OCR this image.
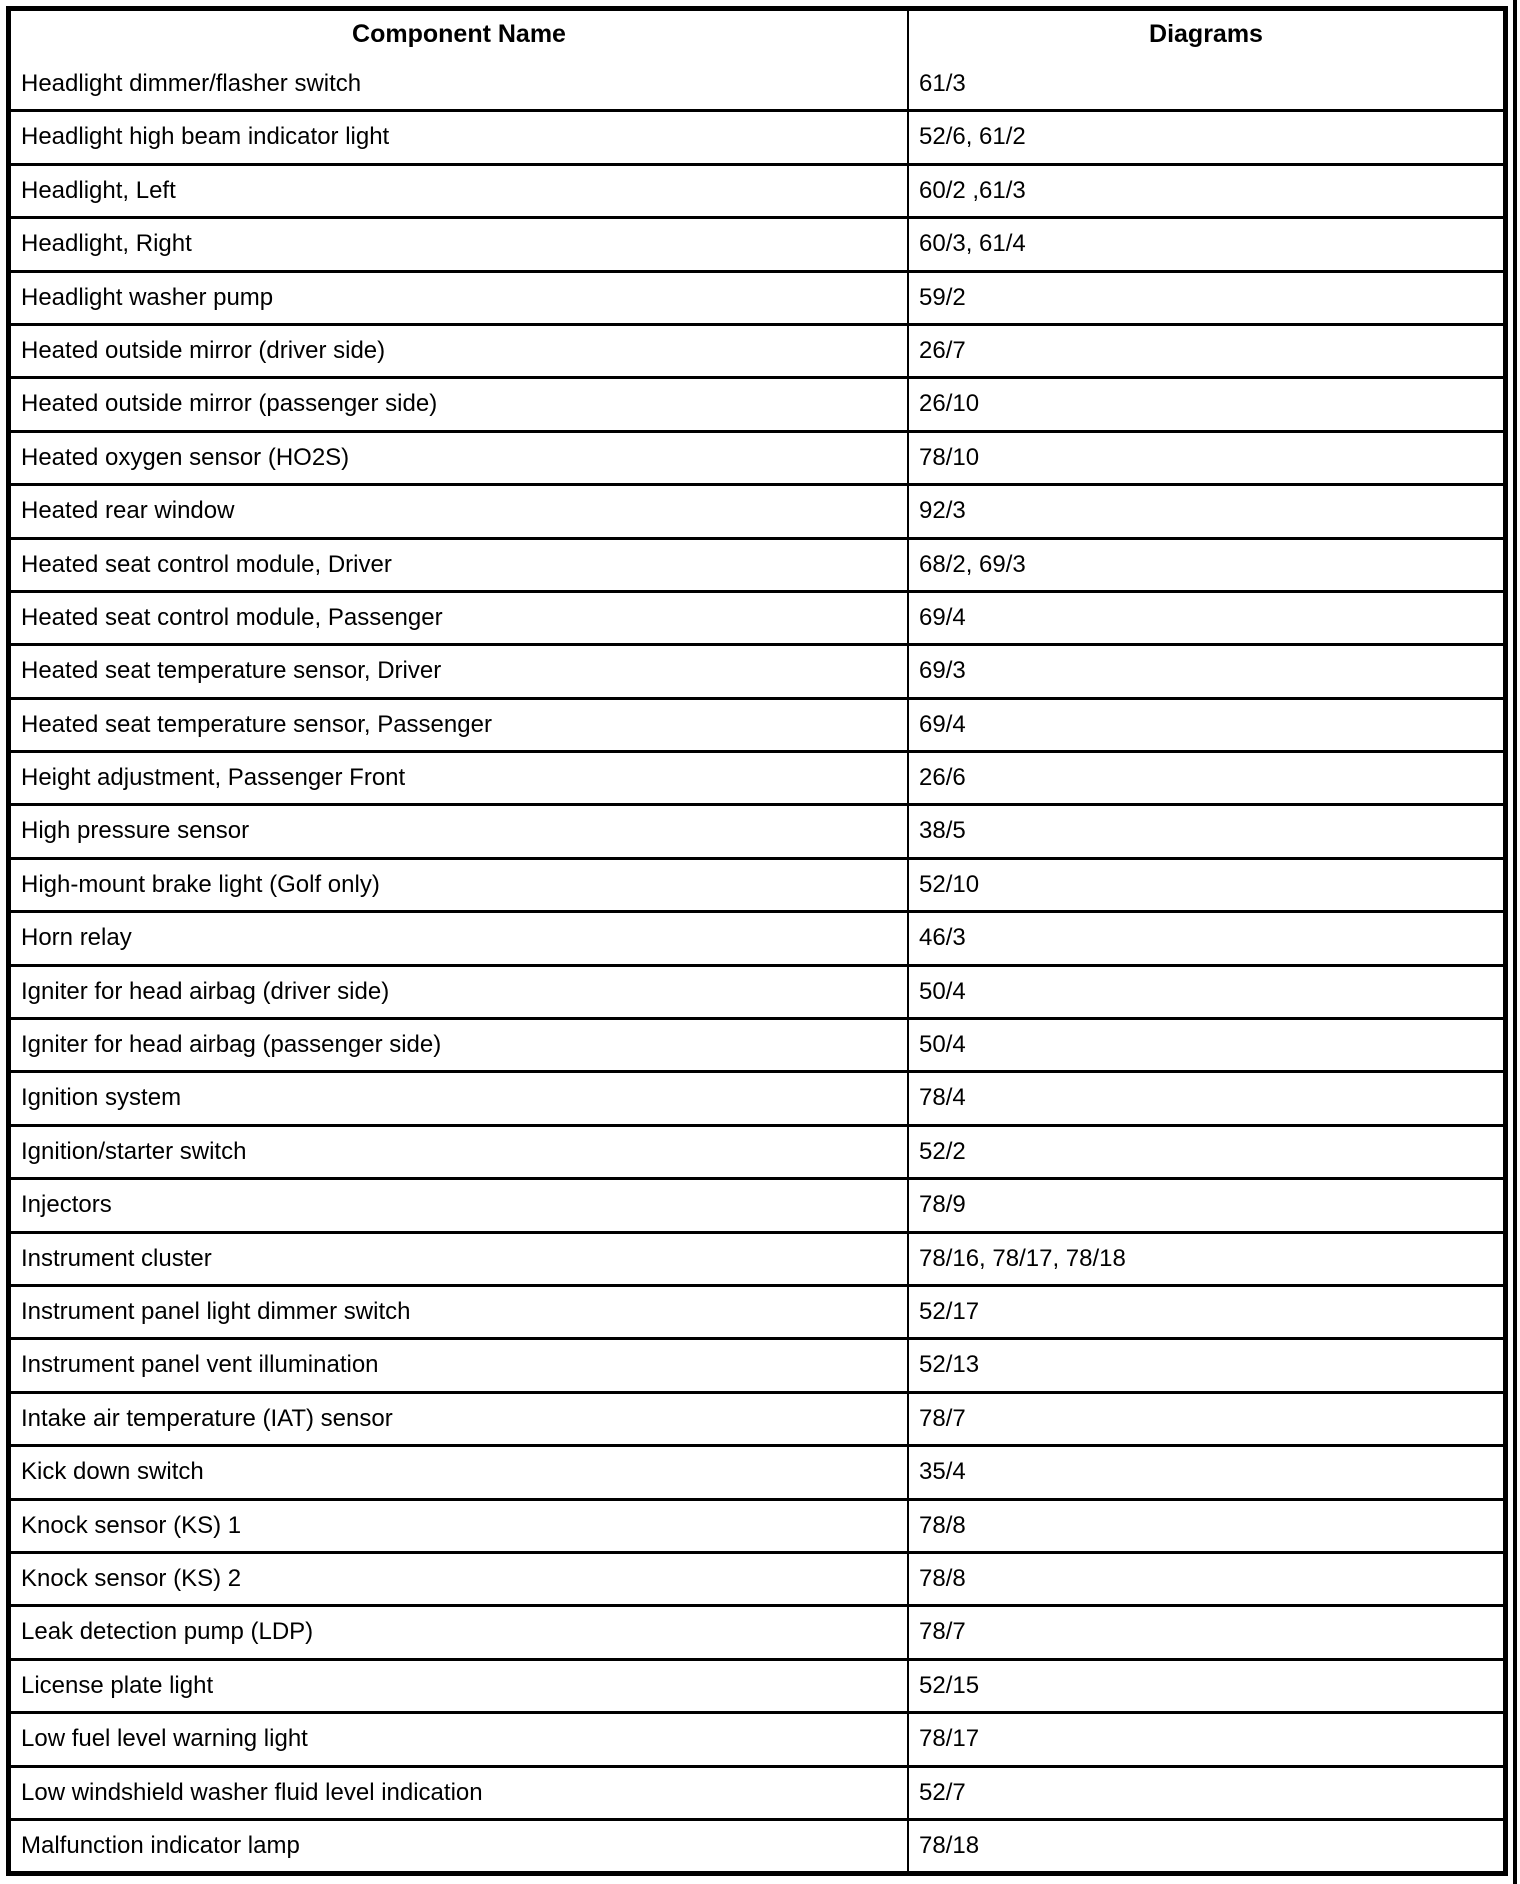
Component Name	Diagrams
Headlight dimmer/flasher switch	61/3
Headlight high beam indicator light	52/6, 61/2
Headlight, Left	60/2 ,61/3
Headlight, Right	60/3, 61/4
Headlight washer pump	59/2
Heated outside mirror (driver side)	26/7
Heated outside mirror (passenger side)	26/10
Heated oxygen sensor (HO2S)	78/10
Heated rear window	92/3
Heated seat control module, Driver	68/2, 69/3
Heated seat control module, Passenger	69/4
Heated seat temperature sensor, Driver	69/3
Heated seat temperature sensor, Passenger	69/4
Height adjustment, Passenger Front	26/6
High pressure sensor	38/5
High-mount brake light (Golf only)	52/10
Horn relay	46/3
Igniter for head airbag (driver side)	50/4
Igniter for head airbag (passenger side)	50/4
Ignition system	78/4
Ignition/starter switch	52/2
Injectors	78/9
Instrument cluster	78/16, 78/17, 78/18
Instrument panel light dimmer switch	52/17
Instrument panel vent illumination	52/13
Intake air temperature (IAT) sensor	78/7
Kick down switch	35/4
Knock sensor (KS) 1	78/8
Knock sensor (KS) 2	78/8
Leak detection pump (LDP)	78/7
License plate light	52/15
Low fuel level warning light	78/17
Low windshield washer fluid level indication	52/7
Malfunction indicator lamp	78/18
